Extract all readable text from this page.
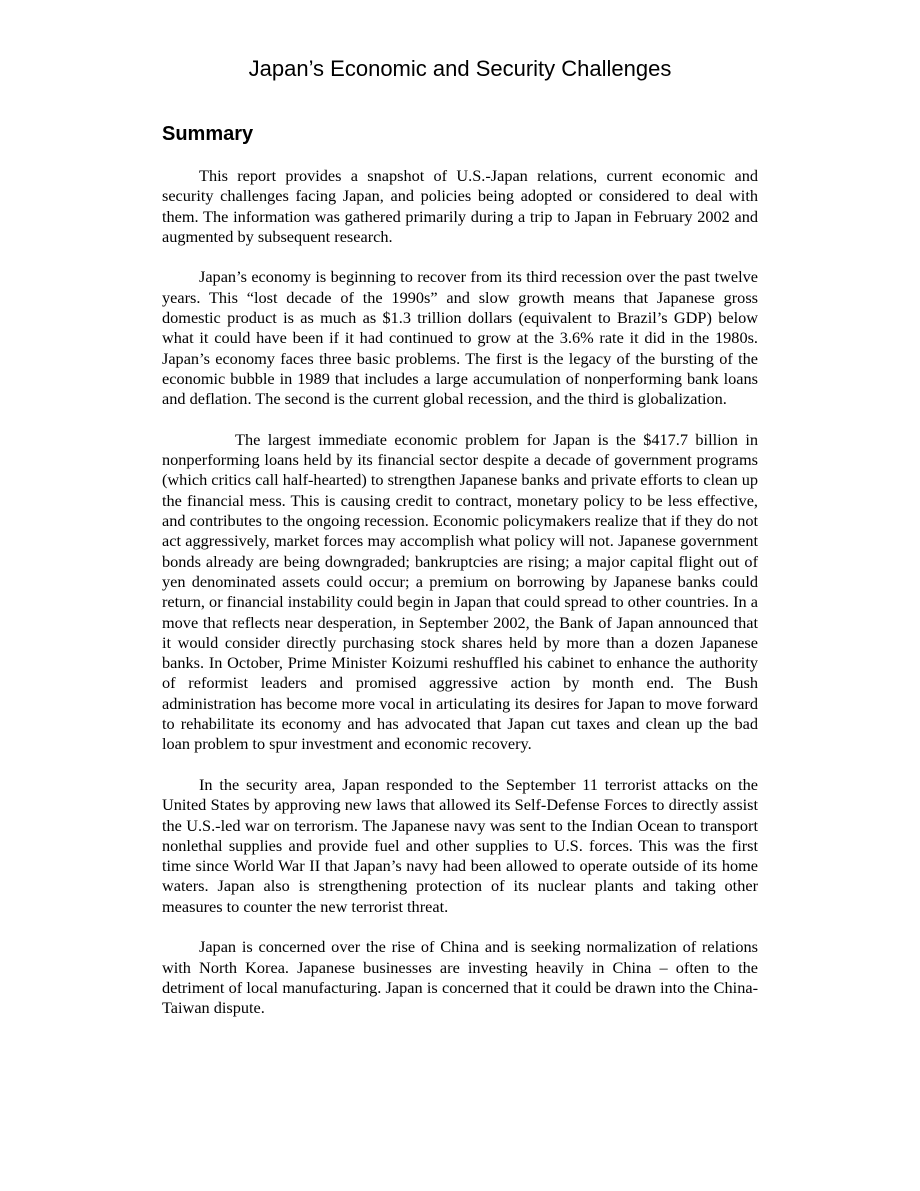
Japan’s Economic and Security Challenges
Summary

This report provides a snapshot of U.S.-Japan relations, current economic and security challenges facing Japan, and policies being adopted or considered to deal with them. The information was gathered primarily during a trip to Japan in February 2002 and augmented by subsequent research.

Japan’s economy is beginning to recover from its third recession over the past twelve years. This “lost decade of the 1990s” and slow growth means that Japanese gross domestic product is as much as $1.3 trillion dollars (equivalent to Brazil’s GDP) below what it could have been if it had continued to grow at the 3.6% rate it did in the 1980s. Japan’s economy faces three basic problems. The first is the legacy of the bursting of the economic bubble in 1989 that includes a large accumulation of nonperforming bank loans and deflation. The second is the current global recession, and the third is globalization.

The largest immediate economic problem for Japan is the $417.7 billion in nonperforming loans held by its financial sector despite a decade of government programs (which critics call half-hearted) to strengthen Japanese banks and private efforts to clean up the financial mess. This is causing credit to contract, monetary policy to be less effective, and contributes to the ongoing recession. Economic policymakers realize that if they do not act aggressively, market forces may accomplish what policy will not. Japanese government bonds already are being downgraded; bankruptcies are rising; a major capital flight out of yen denominated assets could occur; a premium on borrowing by Japanese banks could return, or financial instability could begin in Japan that could spread to other countries. In a move that reflects near desperation, in September 2002, the Bank of Japan announced that it would consider directly purchasing stock shares held by more than a dozen Japanese banks. In October, Prime Minister Koizumi reshuffled his cabinet to enhance the authority of reformist leaders and promised aggressive action by month end. The Bush administration has become more vocal in articulating its desires for Japan to move forward to rehabilitate its economy and has advocated that Japan cut taxes and clean up the bad loan problem to spur investment and economic recovery.

In the security area, Japan responded to the September 11 terrorist attacks on the United States by approving new laws that allowed its Self-Defense Forces to directly assist the U.S.-led war on terrorism. The Japanese navy was sent to the Indian Ocean to transport nonlethal supplies and provide fuel and other supplies to U.S. forces. This was the first time since World War II that Japan’s navy had been allowed to operate outside of its home waters. Japan also is strengthening protection of its nuclear plants and taking other measures to counter the new terrorist threat.

Japan is concerned over the rise of China and is seeking normalization of relations with North Korea. Japanese businesses are investing heavily in China – often to the detriment of local manufacturing. Japan is concerned that it could be drawn into the China-Taiwan dispute.
